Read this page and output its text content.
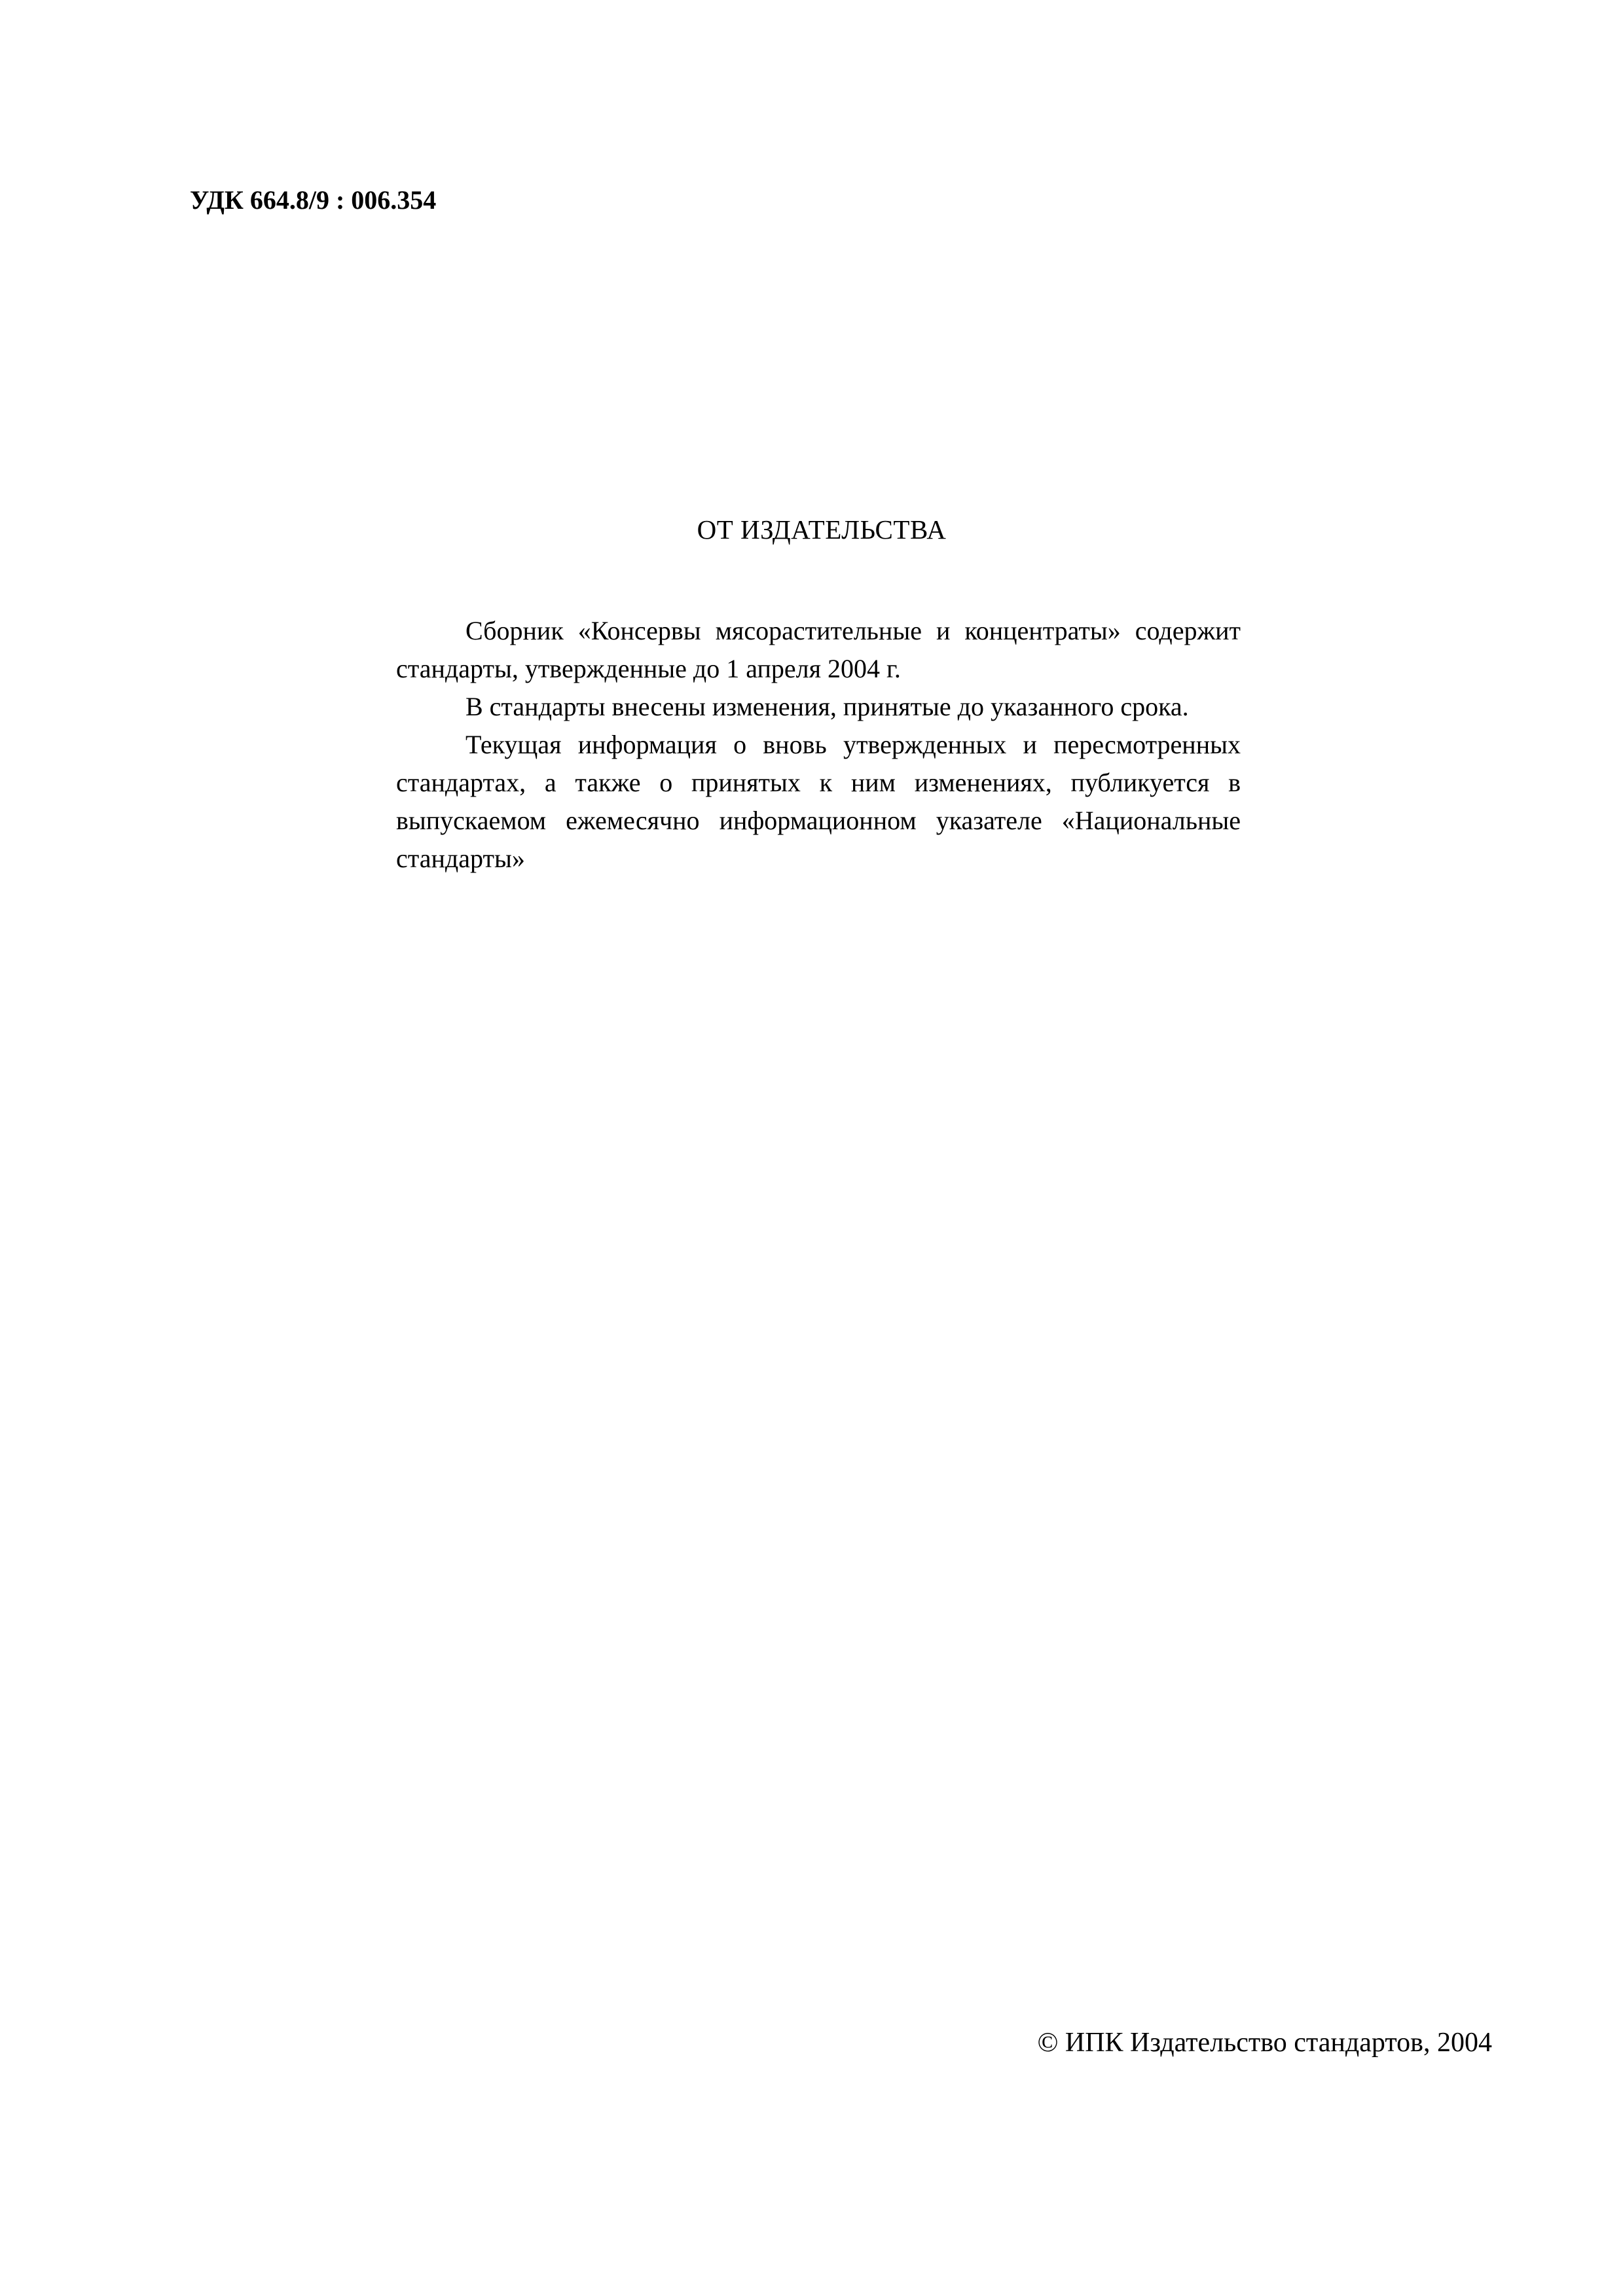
УДК 664.8/9 : 006.354
ОТ ИЗДАТЕЛЬСТВА

Сборник «Консервы мясорастительные и концентраты» содержит стандарты, утвержденные до 1 апреля 2004 г.

В стандарты внесены изменения, принятые до указанного срока.

Текущая информация о вновь утвержденных и пересмотренных стандартах, а также о принятых к ним изменениях, публикуется в выпускаемом ежемесячно информационном указателе «Национальные стандарты»

© ИПК Издательство стандартов, 2004
